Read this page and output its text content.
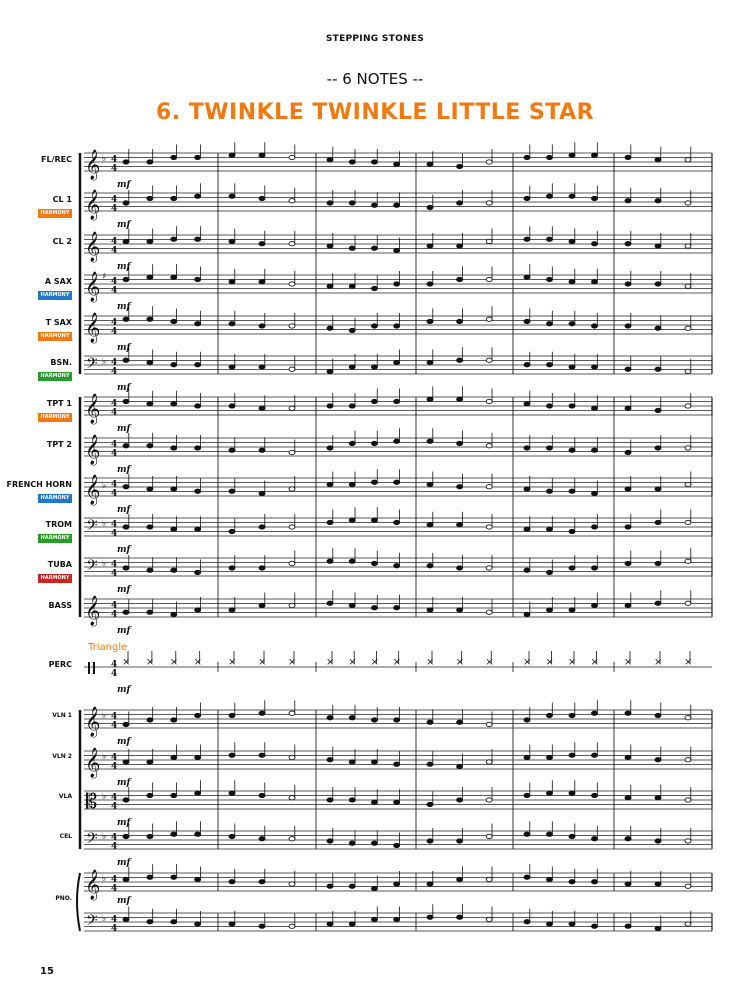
STEPPING STONES
-- 6 NOTES --
6. TWINKLE TWINKLE LITTLE STAR
15
FL/REC
CL 1
HARMONY 1
CL 2
A SAX
HARMONY 2
T SAX
HARMONY 1
BSN.
HARMONY 3
TPT 1
HARMONY 1
TPT 2
FRENCH HORN
HARMONY 2
TROM
HARMONY 3
TUBA
HARMONY 4
BASS
PERC
VLN 1
VLN 2
VLA
CEL
PNO.
𝄞 ♭ 4
4
mf
𝄞 4
4
mf
𝄞 4
4
mf
𝄞 ♯ 4
4
mf
𝄞 4
4
mf
𝄢 ♭ 4
4
mf
𝄞 4
4
mf
𝄞 4
4
mf
𝄞 ♭ 4
4
mf
𝄢 ♭ 4
4
mf
𝄢 ♭ 4
4
mf
𝄞 4
4
mf
4
4
× × × ×	× × ×	× × × × × × ×	× × × ×	× × ×
Triangle
mf
𝄞 ♭ 4
4
mf
𝄞 ♭ 4
4
mf
𝄡 ♭ 4
4
mf
𝄢 ♭ 4
4
mf
𝄞 ♭ 4
4
𝄢 ♭ 4
4
mf
